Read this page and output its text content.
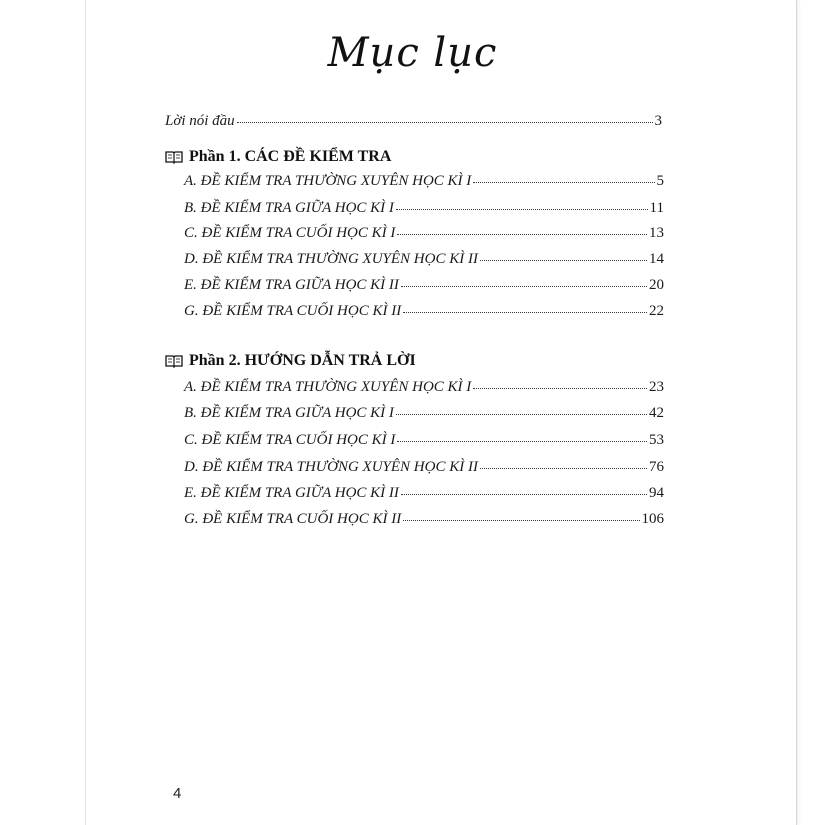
Mục lục
Lời nói đầu	3
Phần 1. CÁC ĐỀ KIỂM TRA
A. ĐỀ KIỂM TRA THƯỜNG XUYÊN HỌC KÌ I	5
B. ĐỀ KIỂM TRA GIỮA HỌC KÌ I	11
C. ĐỀ KIỂM TRA CUỐI HỌC KÌ I	13
D. ĐỀ KIỂM TRA THƯỜNG XUYÊN HỌC KÌ II	14
E. ĐỀ KIỂM TRA GIỮA HỌC KÌ II	20
G. ĐỀ KIỂM TRA CUỐI HỌC KÌ II	22
Phần 2. HƯỚNG DẪN TRẢ LỜI
A. ĐỀ KIỂM TRA THƯỜNG XUYÊN HỌC KÌ I	23
B. ĐỀ KIỂM TRA GIỮA HỌC KÌ I	42
C. ĐỀ KIỂM TRA CUỐI HỌC KÌ I	53
D. ĐỀ KIỂM TRA THƯỜNG XUYÊN HỌC KÌ II	76
E. ĐỀ KIỂM TRA GIỮA HỌC KÌ II	94
G. ĐỀ KIỂM TRA CUỐI HỌC KÌ II	106
4
